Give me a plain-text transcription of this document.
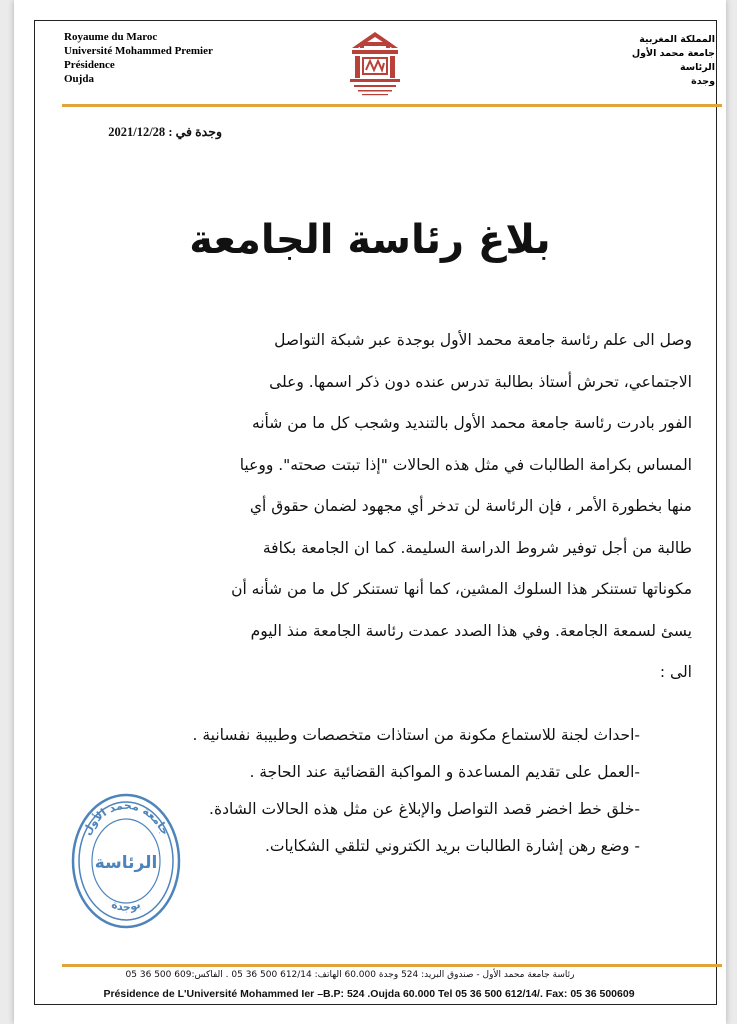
Royaume du Maroc
Université Mohammed Premier
Présidence
Oujda
المملكة المغربية
جامعة محمد الأول
الرئاسة
وجدة
وجدة في : 2021/12/28
بلاغ رئاسة الجامعة
وصل الى علم رئاسة جامعة محمد الأول بوجدة عبر شبكة التواصل
الاجتماعي، تحرش أستاذ بطالبة تدرس عنده دون ذكر اسمها. وعلى
الفور بادرت رئاسة جامعة محمد الأول بالتنديد وشجب كل ما من شأنه
المساس بكرامة الطالبات في مثل هذه الحالات "إذا تبتت صحته". ووعيا
منها بخطورة الأمر ، فإن الرئاسة لن تدخر أي مجهود لضمان حقوق أي
طالبة من أجل توفير شروط الدراسة السليمة. كما ان الجامعة بكافة
مكوناتها تستنكر هذا السلوك المشين، كما أنها تستنكر كل ما من شأنه أن
يسئ لسمعة الجامعة. وفي هذا الصدد عمدت رئاسة الجامعة منذ اليوم
الى :
-احداث لجنة للاستماع مكونة من استاذات متخصصات وطبيبة نفسانية .
-العمل على تقديم المساعدة و المواكبة القضائية عند الحاجة .
-خلق خط اخضر قصد التواصل والإبلاغ عن مثل هذه الحالات الشادة.
- وضع رهن إشارة الطالبات بريد الكتروني لتلقي الشكايات.
جامعة محمد الأول
الرئاسة
بوجدة
رئاسة جامعة محمد الأول - صندوق البريد: 524 وجدة 60.000 الهاتف: 612/14 500 36 05 . الفاكس:609 500 36 05
Présidence de L'Université Mohammed Ier –B.P: 524 .Oujda 60.000 Tel 05 36 500 612/14/. Fax: 05 36 500609
